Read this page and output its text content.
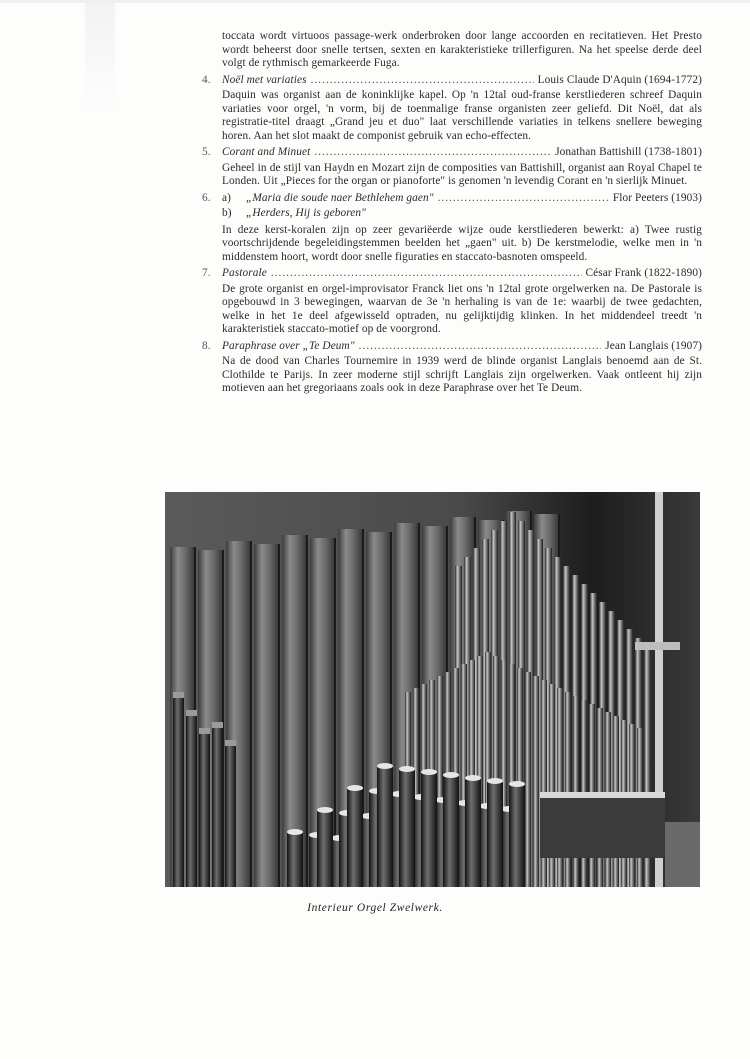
toccata wordt virtuoos passage-werk onderbroken door lange accoorden en recitatieven. Het Presto wordt beheerst door snelle tertsen, sexten en karakteristieke trillerfiguren. Na het speelse derde deel volgt de rythmisch gemarkeerde Fuga.

4.	Noël met variaties .....	Louis Claude D'Aquin (1694-1772)

Daquin was organist aan de koninklijke kapel. Op 'n 12tal oud-franse kerstliederen schreef Daquin variaties voor orgel, 'n vorm, bij de toenmalige franse organisten zeer geliefd. Dit Noël, dat als registratie-titel draagt „Grand jeu et duo" laat verschillende variaties in telkens snellere beweging horen. Aan het slot maakt de componist gebruik van echo-effecten.

5.	Corant and Minuet .....	Jonathan Battishill (1738-1801)

Geheel in de stijl van Haydn en Mozart zijn de composities van Battishill, organist aan Royal Chapel te Londen. Uit „Pieces for the organ or pianoforte" is genomen 'n levendig Corant en 'n sierlijk Minuet.

6.	a)	„Maria die soude naer Bethlehem gaen" .....	Flor Peeters (1903)
b)	„Herders, Hij is geboren"

In deze kerst-koralen zijn op zeer gevariëerde wijze oude kerstliederen bewerkt: a) Twee rustig voortschrijdende begeleidingstemmen beelden het „gaen" uit. b) De kerstmelodie, welke men in 'n middenstem hoort, wordt door snelle figuraties en staccato-basnoten omspeeld.

7.	Pastorale .....	César Frank (1822-1890)

De grote organist en orgel-improvisator Franck liet ons 'n 12tal grote orgelwerken na. De Pastorale is opgebouwd in 3 bewegingen, waarvan de 3e 'n herhaling is van de 1e: waarbij de twee gedachten, welke in het 1e deel afgewisseld optraden, nu gelijktijdig klinken. In het middendeel treedt 'n karakteristiek staccato-motief op de voorgrond.

8.	Paraphrase over „Te Deum" .....	Jean Langlais (1907)

Na de dood van Charles Tournemire in 1939 werd de blinde organist Langlais benoemd aan de St. Clothilde te Parijs. In zeer moderne stijl schrijft Langlais zijn orgelwerken. Vaak ontleent hij zijn motieven aan het gregoriaans zoals ook in deze Paraphrase over het Te Deum.

Interieur Orgel Zwelwerk.
